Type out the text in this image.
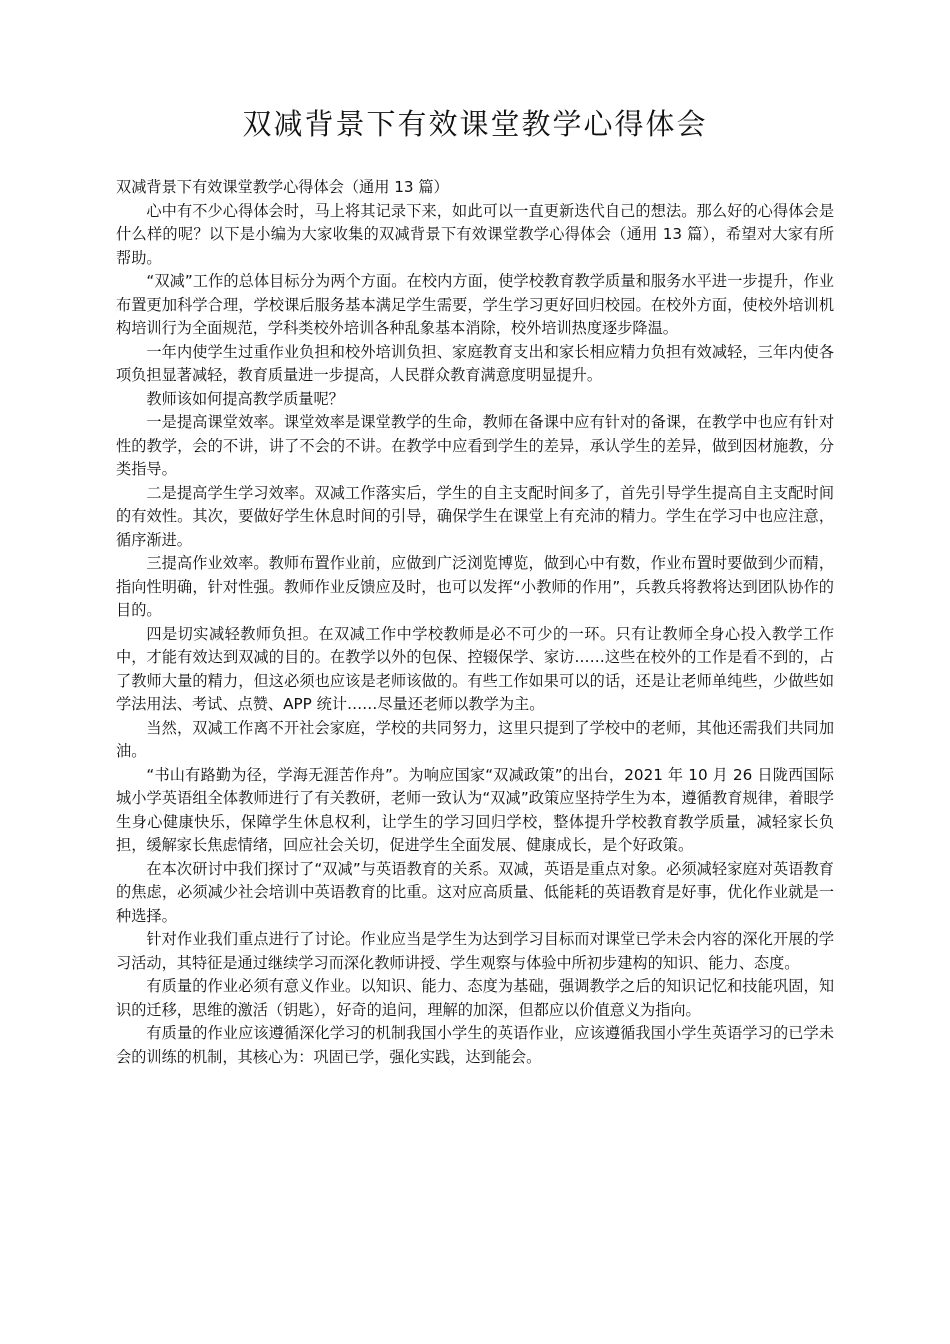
双减背景下有效课堂教学心得体会

双减背景下有效课堂教学心得体会（通用 13 篇）

心中有不少心得体会时，马上将其记录下来，如此可以一直更新迭代自己的想法。那么好的心得体会是什么样的呢？以下是小编为大家收集的双减背景下有效课堂教学心得体会（通用 13 篇），希望对大家有所帮助。

“双减”工作的总体目标分为两个方面。在校内方面，使学校教育教学质量和服务水平进一步提升，作业布置更加科学合理，学校课后服务基本满足学生需要，学生学习更好回归校园。在校外方面，使校外培训机构培训行为全面规范，学科类校外培训各种乱象基本消除，校外培训热度逐步降温。

一年内使学生过重作业负担和校外培训负担、家庭教育支出和家长相应精力负担有效减轻，三年内使各项负担显著减轻，教育质量进一步提高，人民群众教育满意度明显提升。

教师该如何提高教学质量呢？

一是提高课堂效率。课堂效率是课堂教学的生命，教师在备课中应有针对的备课，在教学中也应有针对性的教学，会的不讲，讲了不会的不讲。在教学中应看到学生的差异，承认学生的差异，做到因材施教，分类指导。

二是提高学生学习效率。双减工作落实后，学生的自主支配时间多了，首先引导学生提高自主支配时间的有效性。其次，要做好学生休息时间的引导，确保学生在课堂上有充沛的精力。学生在学习中也应注意，循序渐进。

三提高作业效率。教师布置作业前，应做到广泛浏览博览，做到心中有数，作业布置时要做到少而精，指向性明确，针对性强。教师作业反馈应及时，也可以发挥“小教师的作用”，兵教兵将教将达到团队协作的目的。

四是切实减轻教师负担。在双减工作中学校教师是必不可少的一环。只有让教师全身心投入教学工作中，才能有效达到双减的目的。在教学以外的包保、控辍保学、家访……这些在校外的工作是看不到的，占了教师大量的精力，但这必须也应该是老师该做的。有些工作如果可以的话，还是让老师单纯些，少做些如学法用法、考试、点赞、APP 统计……尽量还老师以教学为主。

当然，双减工作离不开社会家庭，学校的共同努力，这里只提到了学校中的老师，其他还需我们共同加油。

“书山有路勤为径，学海无涯苦作舟”。为响应国家“双减政策”的出台，2021 年 10 月 26 日陇西国际城小学英语组全体教师进行了有关教研，老师一致认为“双减”政策应坚持学生为本，遵循教育规律，着眼学生身心健康快乐，保障学生休息权利，让学生的学习回归学校，整体提升学校教育教学质量，减轻家长负担，缓解家长焦虑情绪，回应社会关切，促进学生全面发展、健康成长，是个好政策。

在本次研讨中我们探讨了“双减”与英语教育的关系。双减，英语是重点对象。必须减轻家庭对英语教育的焦虑，必须减少社会培训中英语教育的比重。这对应高质量、低能耗的英语教育是好事，优化作业就是一种选择。

针对作业我们重点进行了讨论。作业应当是学生为达到学习目标而对课堂已学未会内容的深化开展的学习活动，其特征是通过继续学习而深化教师讲授、学生观察与体验中所初步建构的知识、能力、态度。

有质量的作业必须有意义作业。以知识、能力、态度为基础，强调教学之后的知识记忆和技能巩固，知识的迁移，思维的激活（钥匙），好奇的追问，理解的加深，但都应以价值意义为指向。

有质量的作业应该遵循深化学习的机制我国小学生的英语作业，应该遵循我国小学生英语学习的已学未会的训练的机制，其核心为：巩固已学，强化实践，达到能会。
